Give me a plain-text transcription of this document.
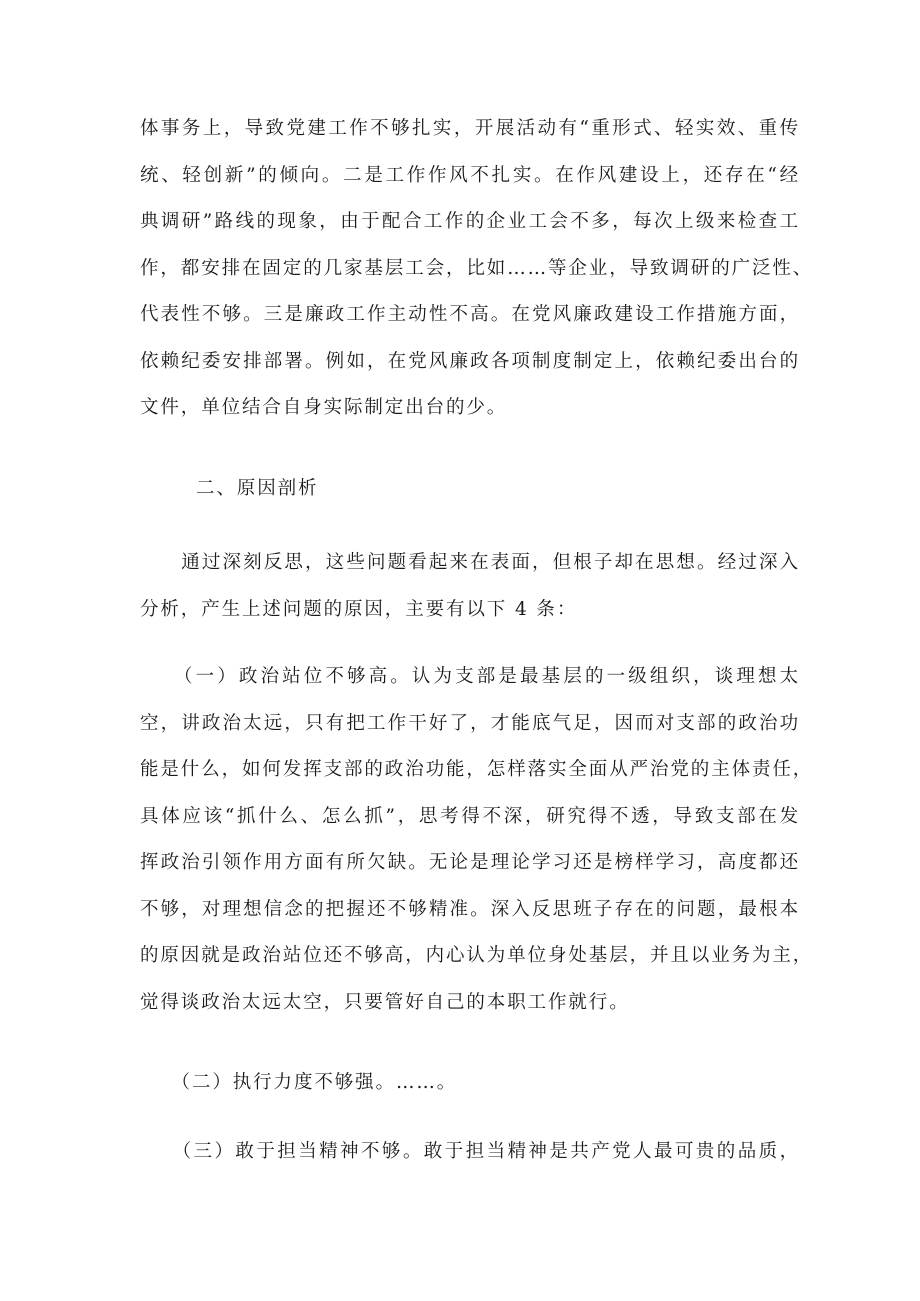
体事务上，导致党建工作不够扎实，开展活动有“重形式、轻实效、重传
统、轻创新”的倾向。二是工作作风不扎实。在作风建设上，还存在“经
典调研”路线的现象，由于配合工作的企业工会不多，每次上级来检查工
作，都安排在固定的几家基层工会，比如……等企业，导致调研的广泛性、
代表性不够。三是廉政工作主动性不高。在党风廉政建设工作措施方面，
依赖纪委安排部署。例如，在党风廉政各项制度制定上，依赖纪委出台的
文件，单位结合自身实际制定出台的少。
二、原因剖析
　　通过深刻反思，这些问题看起来在表面，但根子却在思想。经过深入
分析，产生上述问题的原因，主要有以下 4 条：
　　（一）政治站位不够高。认为支部是最基层的一级组织，谈理想太
空，讲政治太远，只有把工作干好了，才能底气足，因而对支部的政治功
能是什么，如何发挥支部的政治功能，怎样落实全面从严治党的主体责任，
具体应该“抓什么、怎么抓”，思考得不深，研究得不透，导致支部在发
挥政治引领作用方面有所欠缺。无论是理论学习还是榜样学习，高度都还
不够，对理想信念的把握还不够精准。深入反思班子存在的问题，最根本
的原因就是政治站位还不够高，内心认为单位身处基层，并且以业务为主，
觉得谈政治太远太空，只要管好自己的本职工作就行。
　　（二）执行力度不够强。……。
　　（三）敢于担当精神不够。敢于担当精神是共产党人最可贵的品质，
